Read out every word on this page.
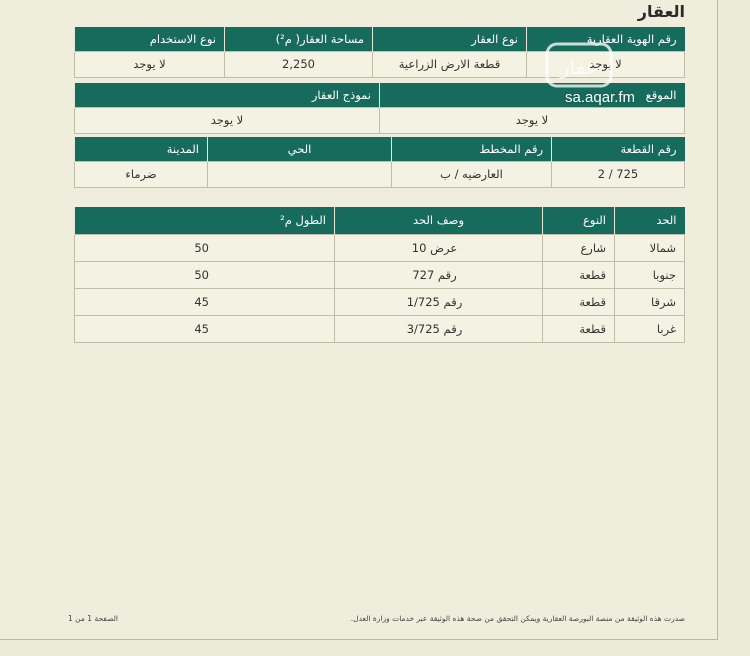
العقار
رقم الهوية العقارية	نوع العقار	مساحة العقار( م²)	نوع الاستخدام
لا يوجد	قطعة الارض الزراعية	2,250	لا يوجد
الموقع	نموذج العقار
لا يوجد	لا يوجد
رقم القطعة	رقم المخطط	الحي	المدينة
725 / 2	العارضيه / ب		ضرماء
الحد	النوع	وصف الحد	الطول م²
شمالا	شارع	عرض 10	50
جنوبا	قطعة	رقم 727	50
شرقا	قطعة	رقم 1/725	45
غربا	قطعة	رقم 3/725	45
عقار
sa.aqar.fm
صدرت هذه الوثيقة من منصة البورصة العقارية ويمكن التحقق من صحة هذه الوثيقة عبر خدمات وزارة العدل.
الصفحة 1 من 1
